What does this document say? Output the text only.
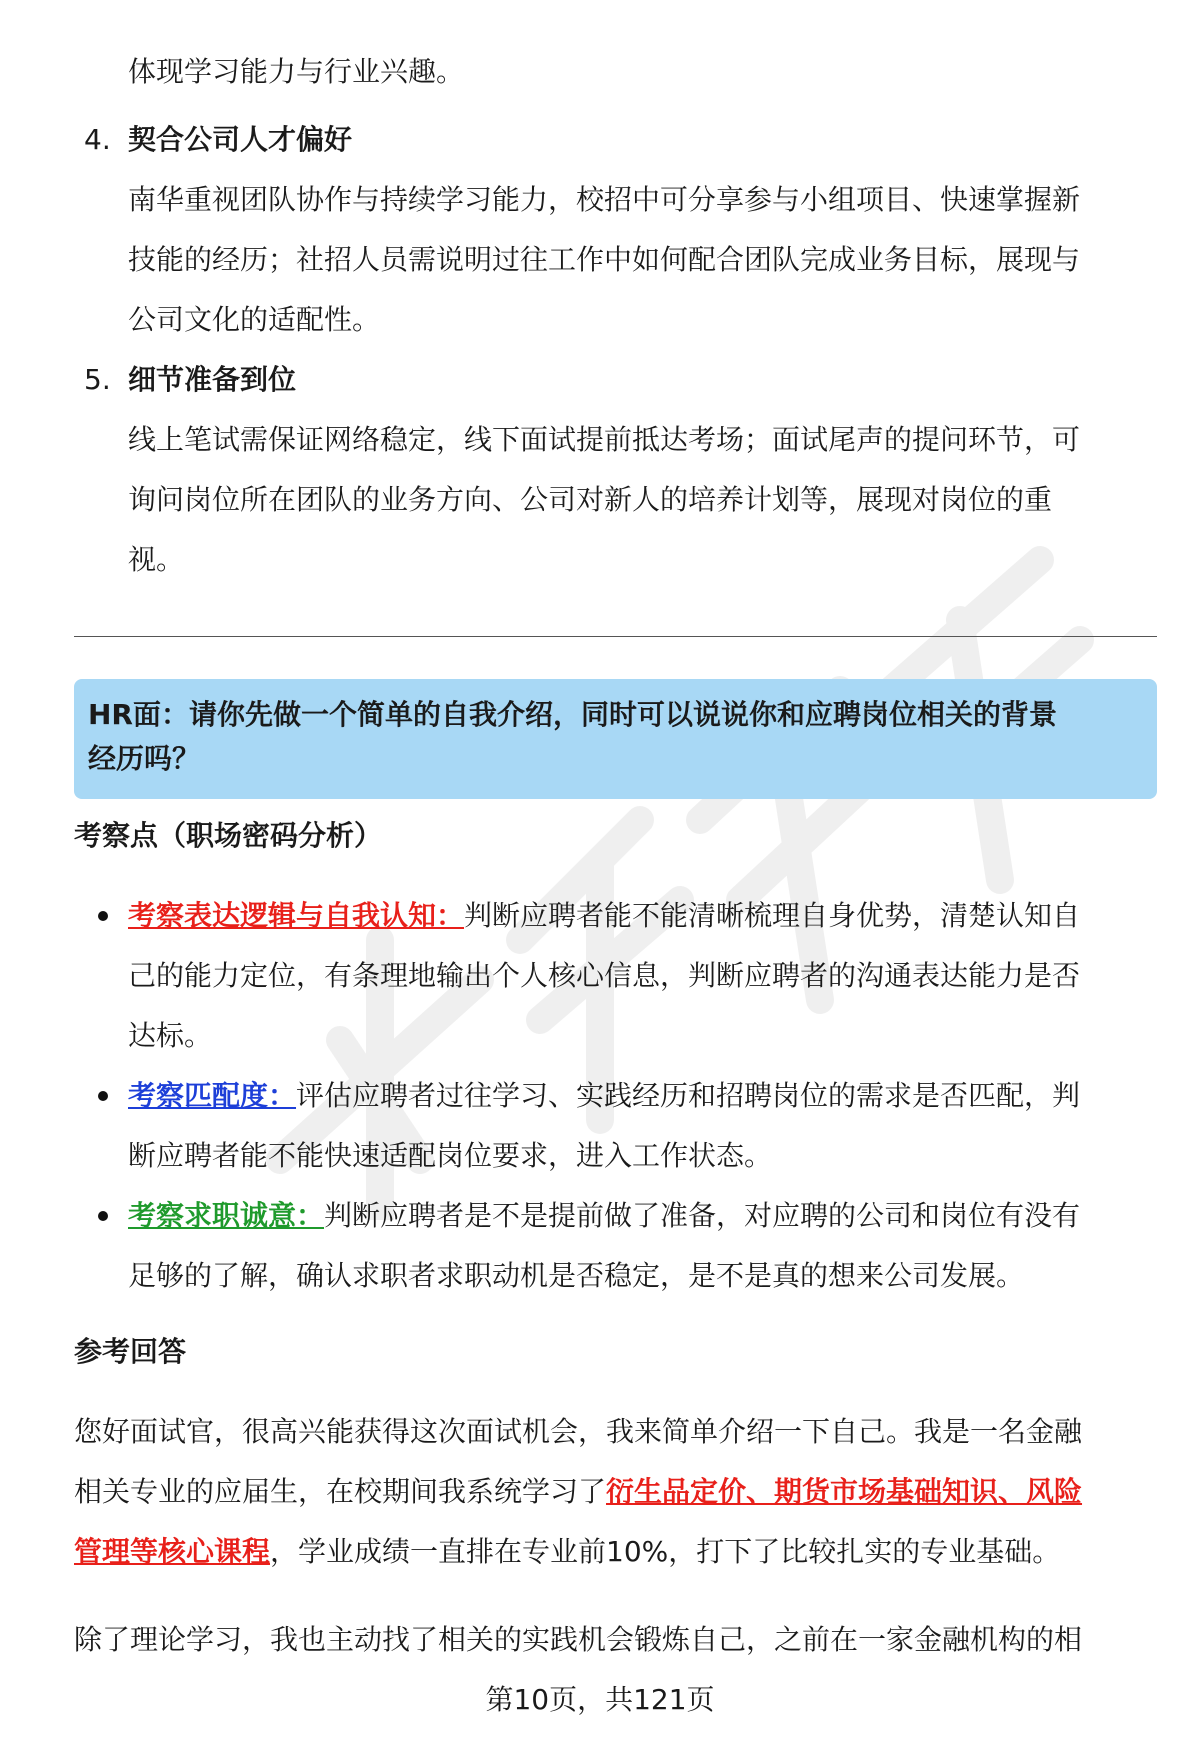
体现学习能力与行业兴趣。
4. 契合公司人才偏好
南华重视团队协作与持续学习能力，校招中可分享参与小组项目、快速掌握新
技能的经历；社招人员需说明过往工作中如何配合团队完成业务目标，展现与
公司文化的适配性。
5. 细节准备到位
线上笔试需保证网络稳定，线下面试提前抵达考场；面试尾声的提问环节，可
询问岗位所在团队的业务方向、公司对新人的培养计划等，展现对岗位的重
视。
HR面：请你先做一个简单的自我介绍，同时可以说说你和应聘岗位相关的背景
经历吗？
考察点（职场密码分析）
考察表达逻辑与自我认知：判断应聘者能不能清晰梳理自身优势，清楚认知自
己的能力定位，有条理地输出个人核心信息，判断应聘者的沟通表达能力是否
达标。
考察匹配度：评估应聘者过往学习、实践经历和招聘岗位的需求是否匹配，判
断应聘者能不能快速适配岗位要求，进入工作状态。
考察求职诚意：判断应聘者是不是提前做了准备，对应聘的公司和岗位有没有
足够的了解，确认求职者求职动机是否稳定，是不是真的想来公司发展。
参考回答
您好面试官，很高兴能获得这次面试机会，我来简单介绍一下自己。我是一名金融
相关专业的应届生，在校期间我系统学习了衍生品定价、期货市场基础知识、风险
管理等核心课程，学业成绩一直排在专业前10%，打下了比较扎实的专业基础。
除了理论学习，我也主动找了相关的实践机会锻炼自己，之前在一家金融机构的相
第10页，共121页
